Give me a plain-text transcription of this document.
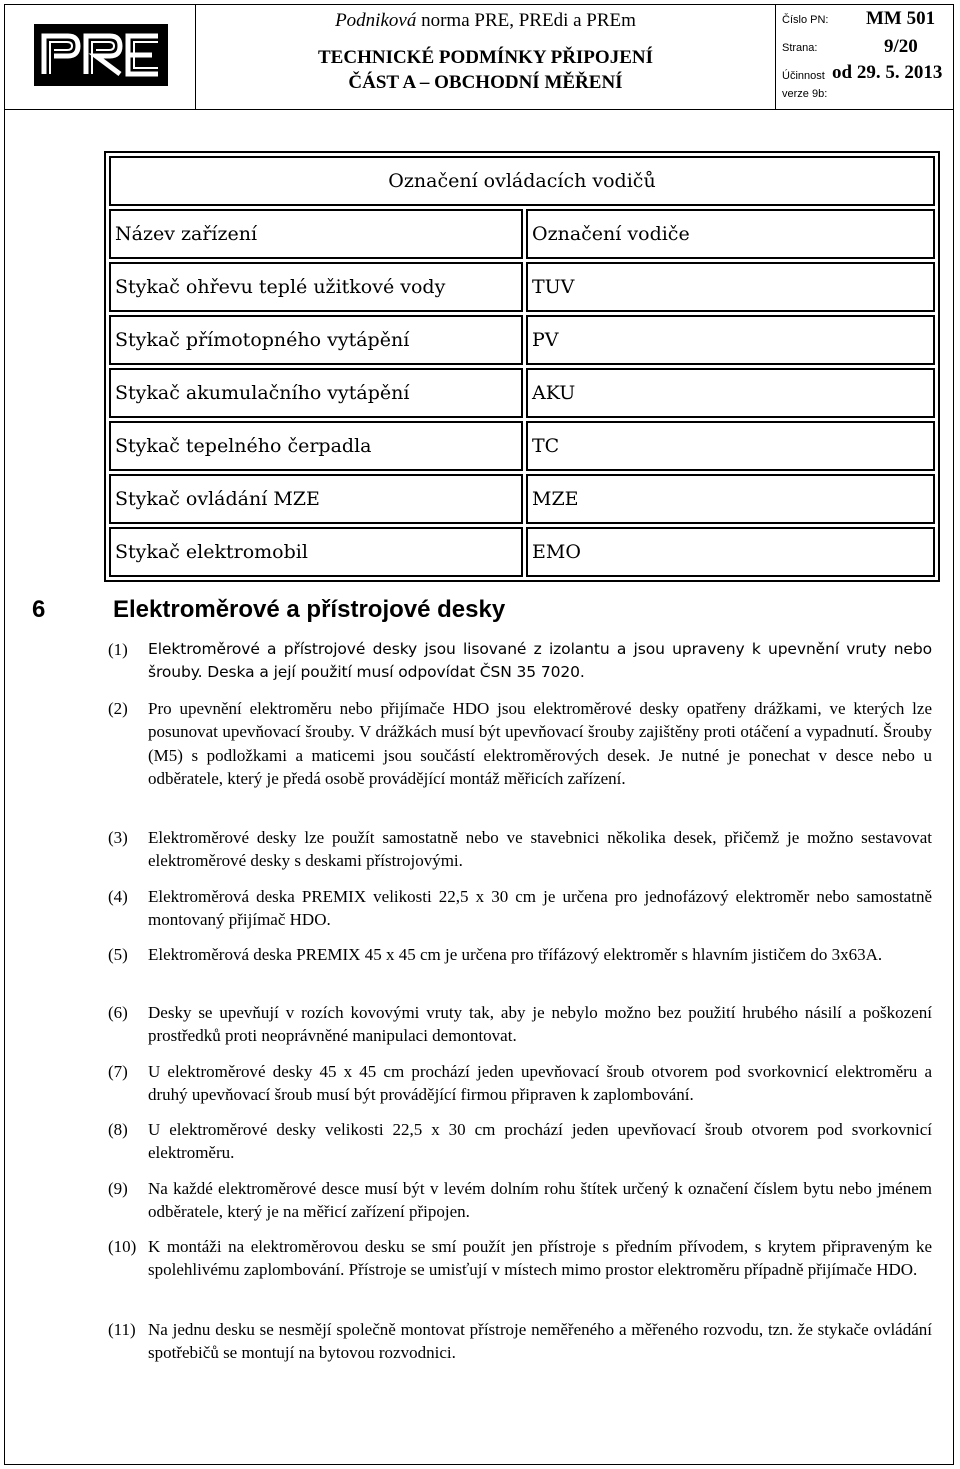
Podniková norma PRE, PREdi a PREm
TECHNICKÉ PODMÍNKY PŘIPOJENÍ
ČÁST A – OBCHODNÍ MĚŘENÍ
Číslo PN: MM 501
Strana:	9/20
Účinnost od 29. 5. 2013
verze 9b:
Označení ovládacích vodičů	
Název zařízení	Označení vodiče
Stykač ohřevu teplé užitkové vody	TUV
Stykač přímotopného vytápění	PV
Stykač akumulačního vytápění	AKU
Stykač tepelného čerpadla	TC
Stykač ovládání MZE	MZE
Stykač elektromobil	EMO
6	Elektroměrové a přístrojové desky
(1) Elektroměrové a přístrojové desky jsou lisované z izolantu a jsou upraveny k upevnění vruty nebo šrouby. Deska a její použití musí odpovídat ČSN 35 7020.
(2) Pro upevnění elektroměru nebo přijímače HDO jsou elektroměrové desky opatřeny drážkami, ve kterých lze posunovat upevňovací šrouby. V drážkách musí být upevňovací šrouby zajištěny proti otáčení a vypadnutí. Šrouby (M5) s podložkami a maticemi jsou součástí elektroměrových desek. Je nutné je ponechat v desce nebo u odběratele, který je předá osobě provádějící montáž měřicích zařízení.
(3) Elektroměrové desky lze použít samostatně nebo ve stavebnici několika desek, přičemž je možno sestavovat elektroměrové desky s deskami přístrojovými.
(4) Elektroměrová deska PREMIX velikosti 22,5 x 30 cm je určena pro jednofázový elektroměr nebo samostatně montovaný přijímač HDO.
(5) Elektroměrová deska PREMIX 45 x 45 cm je určena pro třífázový elektroměr s hlavním jističem do 3x63A.
(6) Desky se upevňují v rozích kovovými vruty tak, aby je nebylo možno bez použití hrubého násilí a poškození prostředků proti neoprávněné manipulaci demontovat.
(7) U elektroměrové desky 45 x 45 cm prochází jeden upevňovací šroub otvorem pod svorkovnicí elektroměru a druhý upevňovací šroub musí být provádějící firmou připraven k zaplombování.
(8) U elektroměrové desky velikosti 22,5 x 30 cm prochází jeden upevňovací šroub otvorem pod svorkovnicí elektroměru.
(9) Na každé elektroměrové desce musí být v levém dolním rohu štítek určený k označení číslem bytu nebo jménem odběratele, který je na měřicí zařízení připojen.
(10) K montáži na elektroměrovou desku se smí použít jen přístroje s předním přívodem, s krytem připraveným ke spolehlivému zaplombování. Přístroje se umisťují v místech mimo prostor elektroměru případně přijímače HDO.
(11) Na jednu desku se nesmějí společně montovat přístroje neměřeného a měřeného rozvodu, tzn. že stykače ovládání spotřebičů se montují na bytovou rozvodnici.
